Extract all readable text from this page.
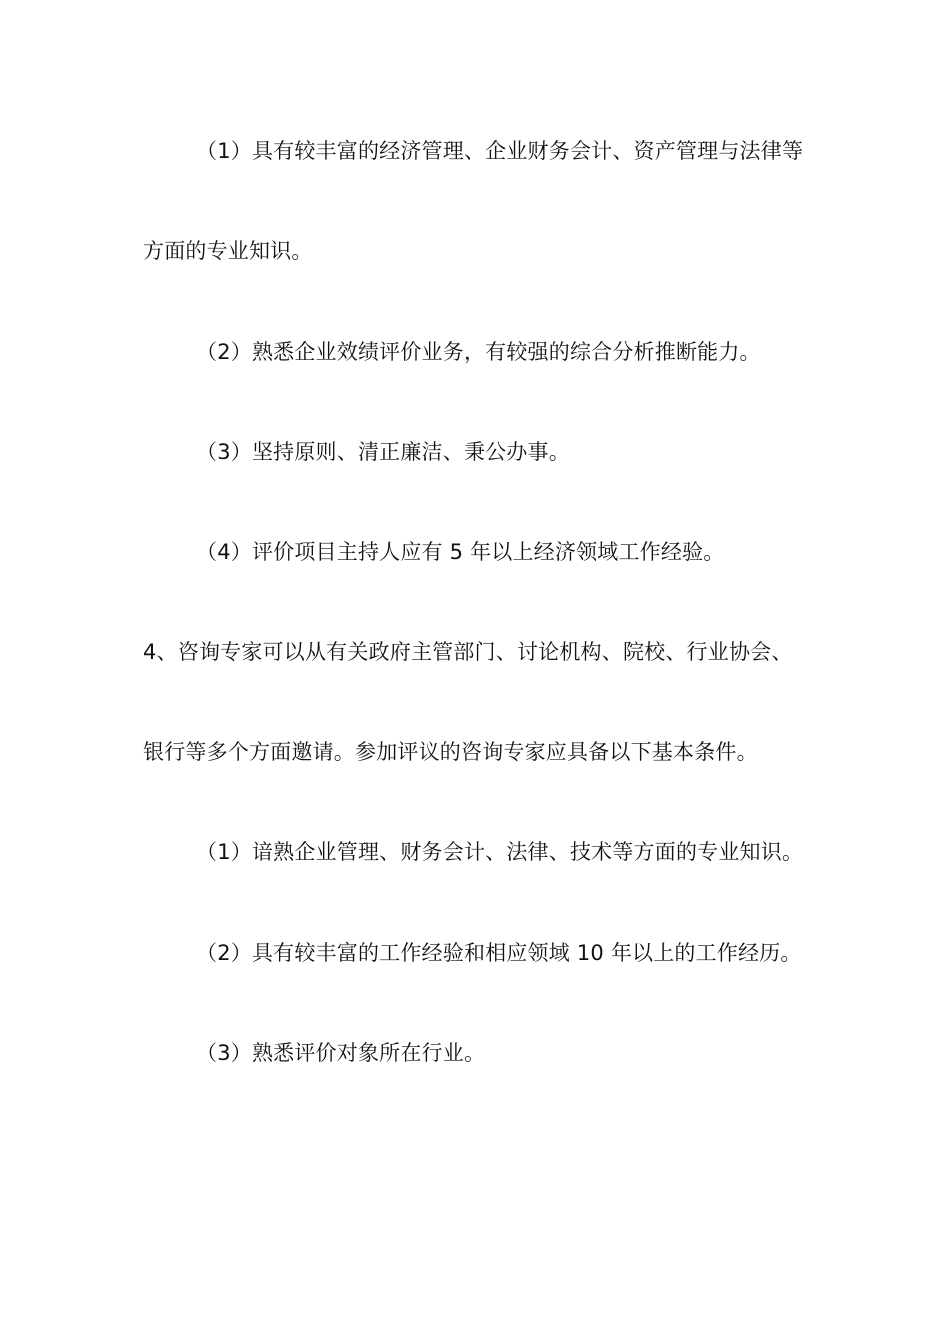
（1）具有较丰富的经济管理、企业财务会计、资产管理与法律等
方面的专业知识。
（2）熟悉企业效绩评价业务，有较强的综合分析推断能力。
（3）坚持原则、清正廉洁、秉公办事。
（4）评价项目主持人应有 5 年以上经济领域工作经验。
4、咨询专家可以从有关政府主管部门、讨论机构、院校、行业协会、
银行等多个方面邀请。参加评议的咨询专家应具备以下基本条件。
（1）谙熟企业管理、财务会计、法律、技术等方面的专业知识。
（2）具有较丰富的工作经验和相应领域 10 年以上的工作经历。
（3）熟悉评价对象所在行业。
